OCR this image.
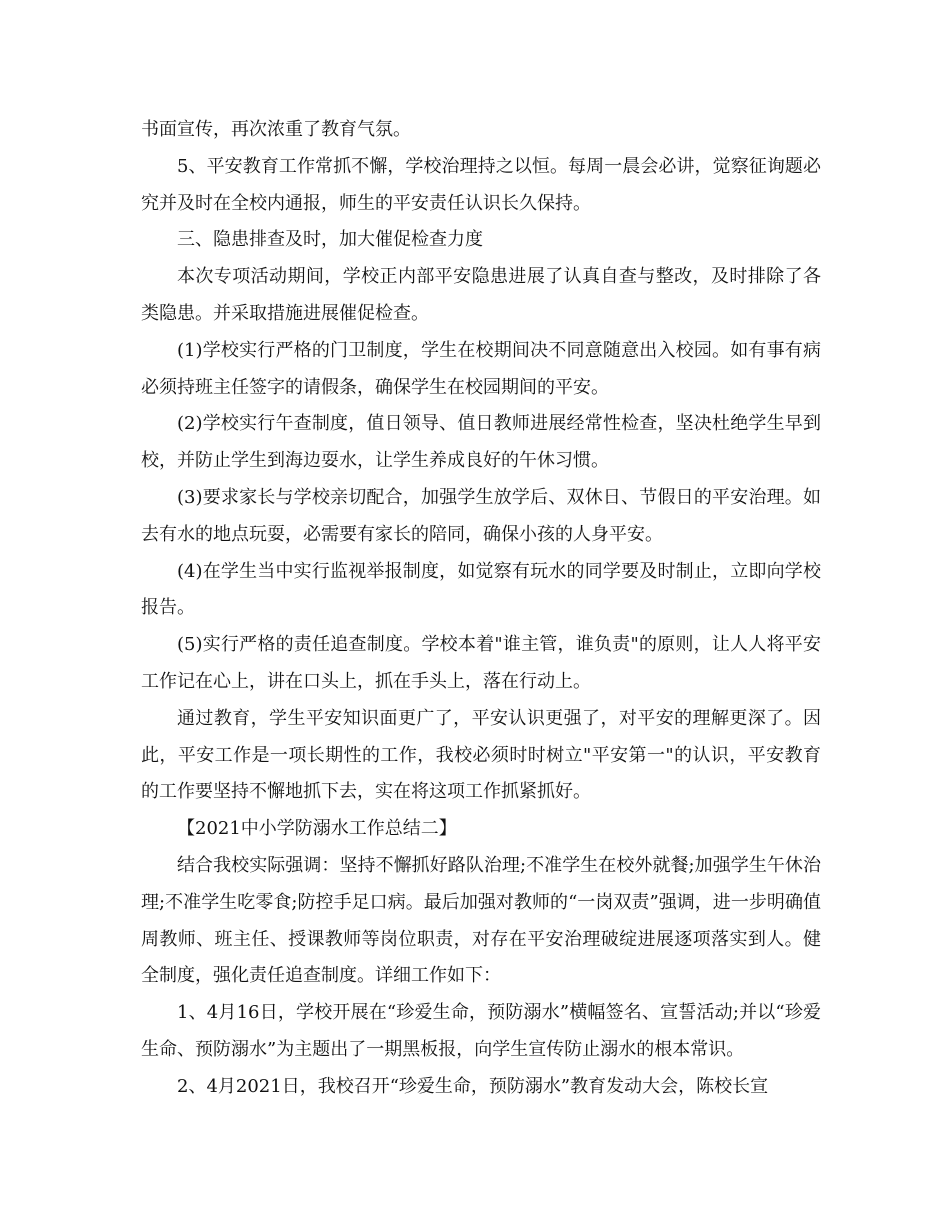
书面宣传，再次浓重了教育气氛。

5、平安教育工作常抓不懈，学校治理持之以恒。每周一晨会必讲，觉察征询题必究并及时在全校内通报，师生的平安责任认识长久保持。

三、隐患排查及时，加大催促检查力度

本次专项活动期间，学校正内部平安隐患进展了认真自查与整改，及时排除了各类隐患。并采取措施进展催促检查。

(1)学校实行严格的门卫制度，学生在校期间决不同意随意出入校园。如有事有病必须持班主任签字的请假条，确保学生在校园期间的平安。

(2)学校实行午查制度，值日领导、值日教师进展经常性检查，坚决杜绝学生早到校，并防止学生到海边耍水，让学生养成良好的午休习惯。

(3)要求家长与学校亲切配合，加强学生放学后、双休日、节假日的平安治理。如去有水的地点玩耍，必需要有家长的陪同，确保小孩的人身平安。

(4)在学生当中实行监视举报制度，如觉察有玩水的同学要及时制止，立即向学校报告。

(5)实行严格的责任追查制度。学校本着"谁主管，谁负责"的原则，让人人将平安工作记在心上，讲在口头上，抓在手头上，落在行动上。

通过教育，学生平安知识面更广了，平安认识更强了，对平安的理解更深了。因此，平安工作是一项长期性的工作，我校必须时时树立"平安第一"的认识，平安教育的工作要坚持不懈地抓下去，实在将这项工作抓紧抓好。

【2021中小学防溺水工作总结二】

结合我校实际强调：坚持不懈抓好路队治理;不准学生在校外就餐;加强学生午休治理;不准学生吃零食;防控手足口病。最后加强对教师的“一岗双责”强调，进一步明确值周教师、班主任、授课教师等岗位职责，对存在平安治理破绽进展逐项落实到人。健全制度，强化责任追查制度。详细工作如下：

1、4月16日，学校开展在“珍爱生命，预防溺水”横幅签名、宣誓活动;并以“珍爱生命、预防溺水”为主题出了一期黑板报，向学生宣传防止溺水的根本常识。

2、4月2021日，我校召开“珍爱生命，预防溺水”教育发动大会，陈校长宣
